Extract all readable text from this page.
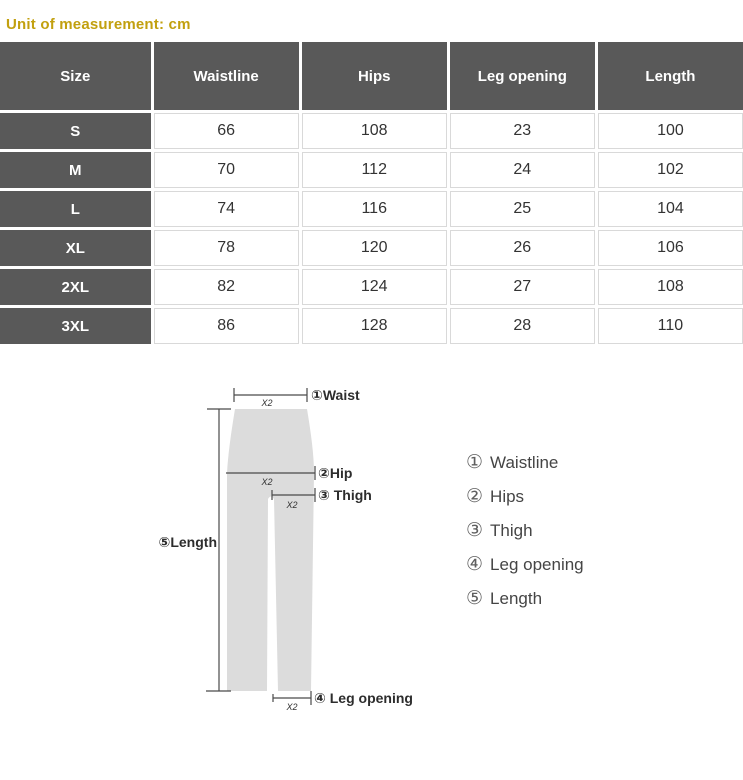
Unit of measurement: cm
Size	Waistline	Hips	Leg opening	Length
S	66	108	23	100
M	70	112	24	102
L	74	116	25	104
XL	78	120	26	106
2XL	82	124	27	108
3XL	86	128	28	110
X2	①Waist
X2
②Hip
X2
③ Thigh
⑤Length
X2
④ Leg opening
① Waistline
② Hips
③ Thigh
④ Leg opening
⑤ Length
